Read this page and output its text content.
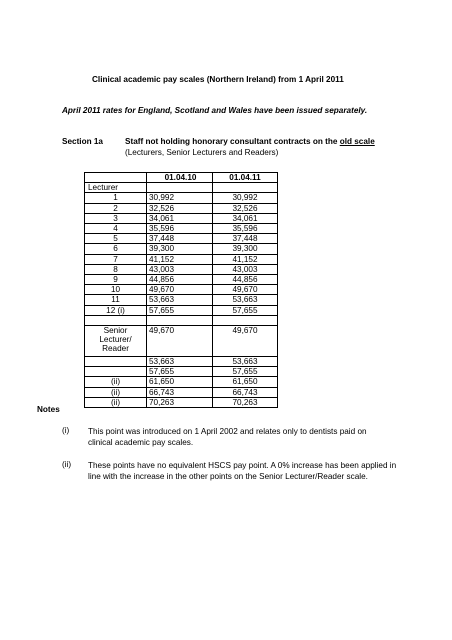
Clinical academic pay scales (Northern Ireland) from 1 April 2011
April 2011 rates for England, Scotland and Wales have been issued separately.
Section 1a	Staff not holding honorary consultant contracts on the old scale
(Lecturers, Senior Lecturers and Readers)
	01.04.10	01.04.11
Lecturer		
1	30,992	30,992
2	32,526	32,526
3	34,061	34,061
4	35,596	35,596
5	37,448	37,448
6	39,300	39,300
7	41,152	41,152
8	43,003	43,003
9	44,856	44,856
10	49,670	49,670
11	53,663	53,663
12 (i)	57,655	57,655

Senior
Lecturer/
Reader	49,670	49,670
	53,663	53,663
	57,655	57,655
(ii)	61,650	61,650
(ii)	66,743	66,743
(ii)	70,263	70,263
Notes
(i) This point was introduced on 1 April 2002 and relates only to dentists paid on clinical academic pay scales.
(ii) These points have no equivalent HSCS pay point. A 0% increase has been applied in line with the increase in the other points on the Senior Lecturer/Reader scale.
